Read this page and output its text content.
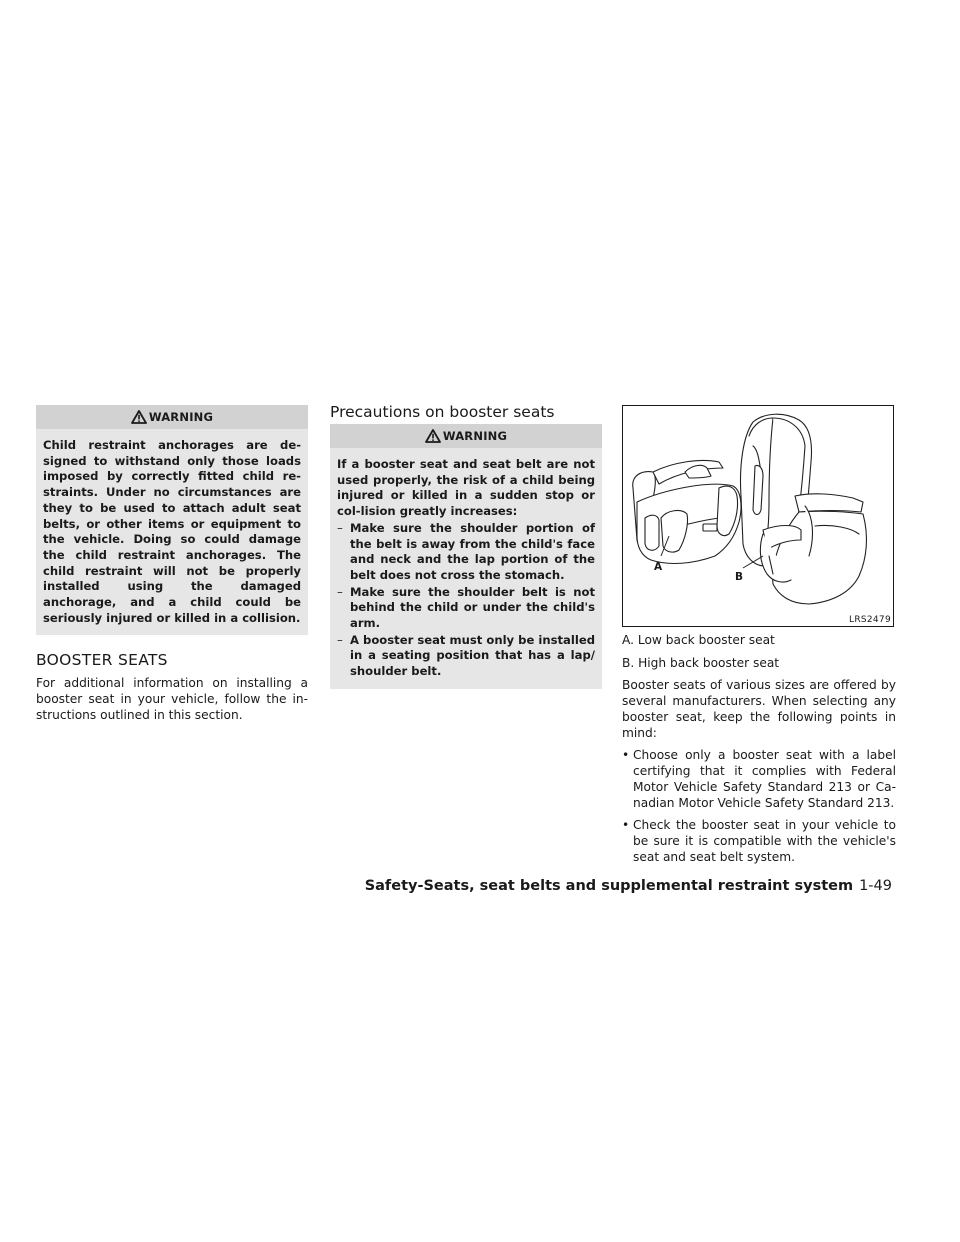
WARNING

Child restraint anchorages are de-signed to withstand only those loads imposed by correctly fitted child re-straints. Under no circumstances are they to be used to attach adult seat belts, or other items or equipment to the vehicle. Doing so could damage the child restraint anchorages. The child restraint will not be properly installed using the damaged anchorage, and a child could be seriously injured or killed in a collision.

BOOSTER SEATS

For additional information on installing a booster seat in your vehicle, follow the in-structions outlined in this section.

Precautions on booster seats
WARNING

If a booster seat and seat belt are not used properly, the risk of a child being injured or killed in a sudden stop or col-lision greatly increases:

– Make sure the shoulder portion of the belt is away from the child's face and neck and the lap portion of the belt does not cross the stomach.
– Make sure the shoulder belt is not behind the child or under the child's arm.
– A booster seat must only be installed in a seating position that has a lap/ shoulder belt.
A
B
LRS2479

A. Low back booster seat

B. High back booster seat

Booster seats of various sizes are offered by several manufacturers. When selecting any booster seat, keep the following points in mind:

• Choose only a booster seat with a label certifying that it complies with Federal Motor Vehicle Safety Standard 213 or Ca-nadian Motor Vehicle Safety Standard 213.
• Check the booster seat in your vehicle to be sure it is compatible with the vehicle's seat and seat belt system.
Safety-Seats, seat belts and supplemental restraint system 1-49
